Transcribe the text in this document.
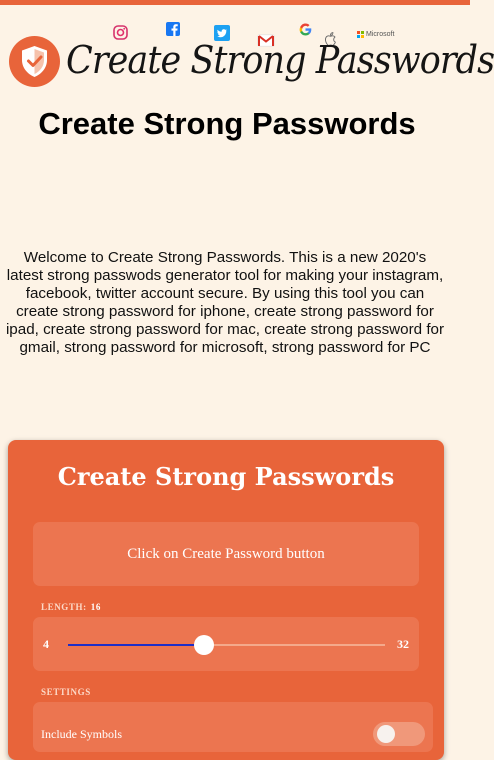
Microsoft
Create Strong Passwords
Create Strong Passwords

Welcome to Create Strong Passwords. This is a new 2020's latest strong passwods generator tool for making your instagram, facebook, twitter account secure. By using this tool you can create strong password for iphone, create strong password for ipad, create strong password for mac, create strong password for gmail, strong password for microsoft, strong password for PC

Create Strong Passwords
Click on Create Password button
LENGTH: 16
4	32
SETTINGS
Include Symbols
